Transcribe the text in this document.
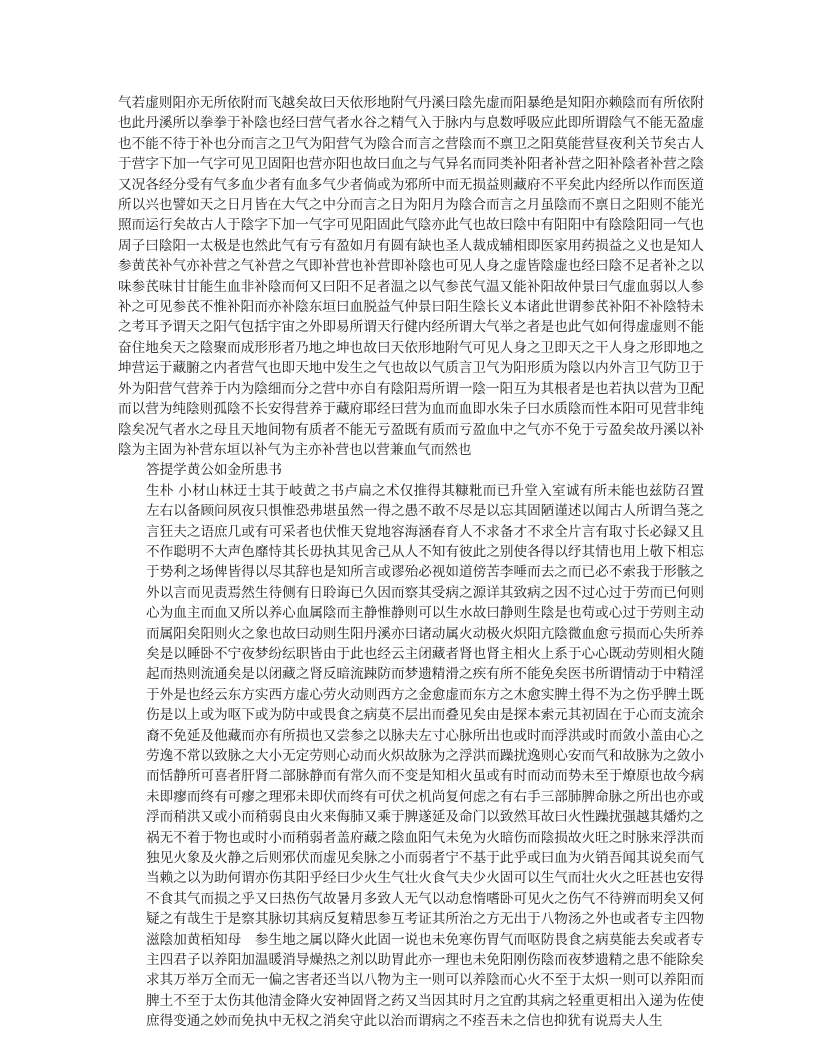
气若虚则阳亦无所依附而飞越矣故曰天依形地附气丹溪曰陰先虚而阳暴绝是知阳亦赖陰而有所依附也此丹溪所以拳拳于补陰也经曰营气者水谷之精气入于脉内与息数呼吸应此即所谓陰气不能无盈虚也不能不待于补也分而言之卫气为阳营气为陰合而言之营陰而不禀卫之阳莫能营昼夜利关节矣古人于营字下加一气字可见卫固阳也营亦阳也故曰血之与气异名而同类补阳者补营之阳补陰者补营之陰又况各经分受有气多血少者有血多气少者倘或为邪所中而无损益则藏府不平矣此内经所以作而医道所以兴也譬如天之日月皆在大气之中分而言之日为阳月为陰合而言之月虽陰而不禀日之阳则不能光照而运行矣故古人于陰字下加一气字可见阳固此气陰亦此气也故曰陰中有阳阳中有陰陰阳同一气也周子曰陰阳一太极是也然此气有亏有盈如月有圆有缺也圣人裁成辅相即医家用药损益之义也是知人参黄芪补气亦补营之气补营之气即补营也补营即补陰也可见人身之虚皆陰虚也经曰陰不足者补之以味参芪味甘甘能生血非补陰而何又曰阳不足者温之以气参芪气温又能补阳故仲景曰气虚血弱以人参补之可见参芪不惟补阳而亦补陰东垣曰血脱益气仲景曰阳生陰长义本诸此世谓参芪补阳不补陰特未之考耳予谓天之阳气包括宇宙之外即易所谓天行健内经所谓大气举之者是也此气如何得虚虚则不能奋住地矣天之陰聚而成形形者乃地之坤也故曰天依形地附气可见人身之卫即天之干人身之形即地之坤营运于藏腑之内者营气也即天地中发生之气也故以气质言卫气为阳形质为陰以内外言卫气防卫于外为阳营气营养于内为陰细而分之营中亦自有陰阳焉所谓一陰一阳互为其根者是也若执以营为卫配而以营为纯陰则孤陰不长安得营养于藏府耶经曰营为血而血即水朱子曰水质陰而性本阳可见营非纯陰矣况气者水之母且天地间物有质者不能无亏盈既有质而亏盈血中之气亦不免于亏盈矣故丹溪以补陰为主固为补营东垣以补气为主亦补营也以营兼血气而然也

答提学黄公如金所患书

生朴 小材山林迂士其于岐黄之书卢扁之术仅推得其糠粃而已升堂入室诚有所未能也兹防召置左右以备顾问夙夜只惧惟恐弗堪虽然一得之愚不敢不尽是以忘其固陋谨述以闻古人所谓刍荛之言狂夫之语庶几或有可采者也伏惟天覍地容海涵春育人不求备才不求全片言有取寸长必録又且不作聪明不大声色靡恃其长毋执其见舍己从人不知有彼此之别使各得以纾其情也用上敬下相忘于势利之场俾皆得以尽其辞也是知所言或谬殆必视如道傍苦李唾而去之而已必不索我于形骸之外以言而见责焉然生待侧有日聆诲已久因而察其受病之源详其致病之因不过心过于劳而已何则心为血主而血又所以养心血属陰而主静惟静则可以生水故曰静则生陰是也苟或心过于劳则主动而属阳矣阳则火之象也故曰动则生阳丹溪亦曰诸动属火动极火炽阳亢陰微血愈亏损而心失所养矣是以睡卧不宁夜梦纷纭职皆由于此也经云主闭藏者肾也肾主相火上系于心心既动劳则相火随起而热则流通矣是以闭藏之肾反暗流踈防而梦遗精滑之疾有所不能免矣医书所谓情动于中精淫于外是也经云东方实西方虚心劳火动则西方之金愈虚而东方之木愈实脾土得不为之伤乎脾土既伤是以上或为呕下或为防中或畏食之病莫不层出而叠见矣由是探本索元其初固在于心而支流余裔不免延及他藏而亦有所损也又尝参之以脉夫左寸心脉所出也或时而浮洪或时而敛小盖由心之劳逸不常以致脉之大小无定劳则心动而火炽故脉为之浮洪而躁扰逸则心安而气和故脉为之敛小而恬静所可喜者肝肾二部脉静而有常久而不变是知相火虽或有时而动而势未至于燎原也故今病未即瘳而终有可瘳之理邪未即伏而终有可伏之机尚复何虑之有右手三部肺脾命脉之所出也亦或浮而稍洪又或小而稍弱良由火来侮肺又乘于脾遂延及命门以致然耳故曰火性躁扰强越其燔灼之祸无不着于物也或时小而稍弱者盖府藏之陰血阳气未免为火暗伤而陰损故火旺之时脉来浮洪而独见火象及火静之后则邪伏而虚见矣脉之小而弱者宁不基于此乎或曰血为火销吾闻其说矣而气当赖之以为助何谓亦伤其阳乎经曰少火生气壮火食气夫少火固可以生气而壮火火之旺甚也安得不食其气而损之乎又曰热伤气故暑月多致人无气以动怠惰嗜卧可见火之伤气不待辨而明矣又何疑之有哉生于是察其脉切其病反复精思参互考证其所治之方无出于八物汤之外也或者专主四物滋陰加黄栢知母　参生地之属以降火此固一说也未免寒伤胃气而呕防畏食之病莫能去矣或者专主四君子以养阳加温暖消导燥热之剂以助胃此亦一理也未免阳刚伤陰而夜梦遗精之患不能除矣求其万举万全而无一偏之害者还当以八物为主一则可以养陰而心火不至于太炽一则可以养阳而脾土不至于太伤其他清金降火安神固肾之药又当因其时月之宜酌其病之轻重更相出入递为佐使庶得变通之妙而免执中无权之消矣守此以治而谓病之不痊吾未之信也抑犹有说焉夫人生
